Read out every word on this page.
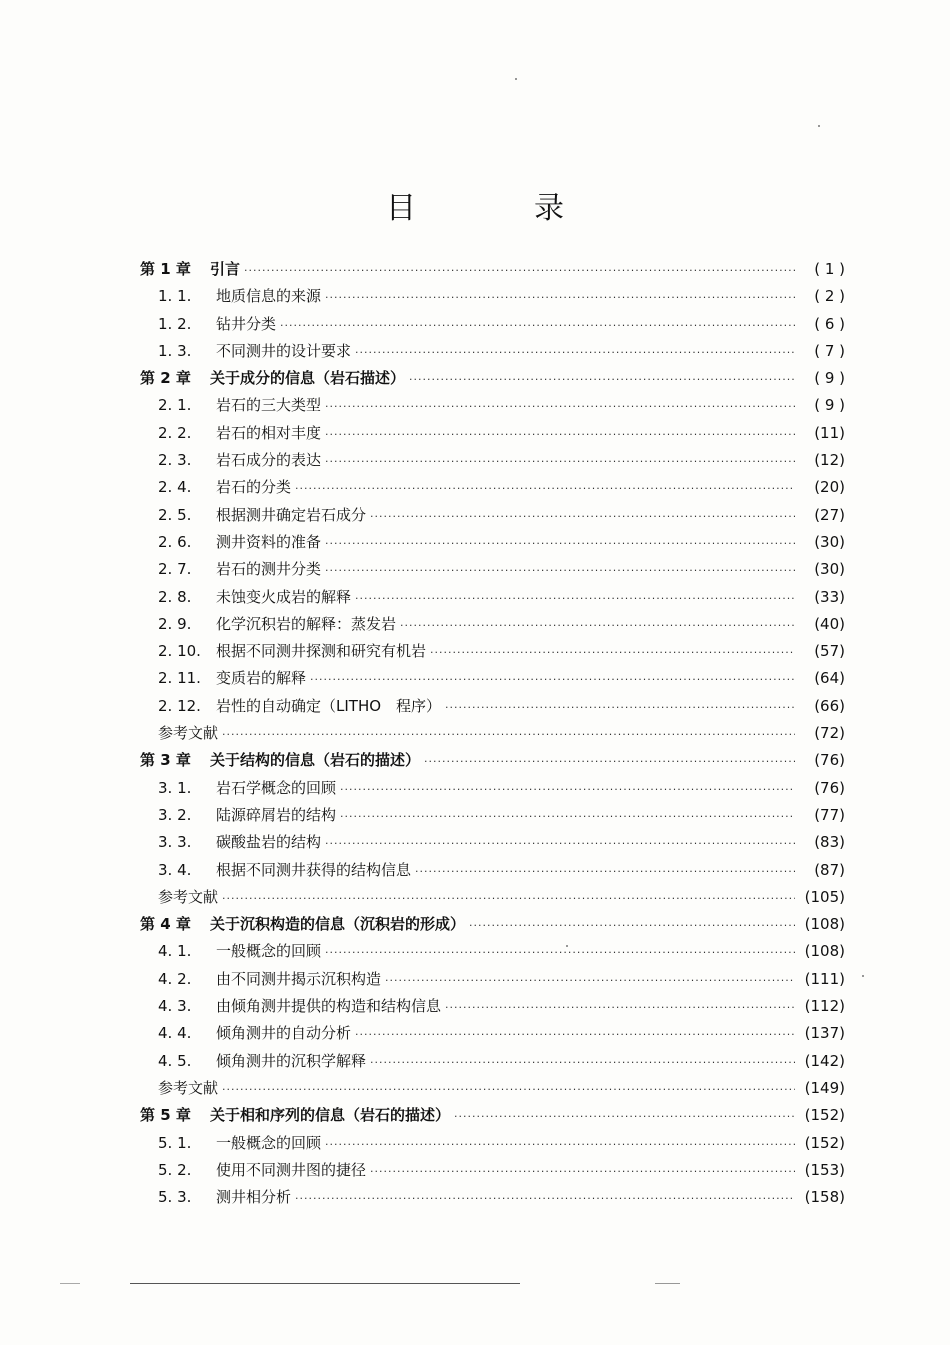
目　录
第 1 章	引言 ·····	( 1 )
1. 1.	地质信息的来源 ·····	( 2 )
1. 2.	钻井分类 ·····	( 6 )
1. 3.	不同测井的设计要求 ·····	( 7 )
第 2 章	关于成分的信息（岩石描述） ·····	( 9 )
2. 1.	岩石的三大类型 ·····	( 9 )
2. 2.	岩石的相对丰度 ·····	(11)
2. 3.	岩石成分的表达 ·····	(12)
2. 4.	岩石的分类 ·····	(20)
2. 5.	根据测井确定岩石成分 ·····	(27)
2. 6.	测井资料的准备 ·····	(30)
2. 7.	岩石的测井分类 ·····	(30)
2. 8.	未蚀变火成岩的解释 ·····	(33)
2. 9.	化学沉积岩的解释：蒸发岩 ·····	(40)
2. 10.	根据不同测井探测和研究有机岩 ·····	(57)
2. 11.	变质岩的解释 ·····	(64)
2. 12.	岩性的自动确定（LITHO　程序） ·····	(66)
参考文献 ·····	(72)
第 3 章	关于结构的信息（岩石的描述） ·····	(76)
3. 1.	岩石学概念的回顾 ·····	(76)
3. 2.	陆源碎屑岩的结构 ·····	(77)
3. 3.	碳酸盐岩的结构 ·····	(83)
3. 4.	根据不同测井获得的结构信息 ·····	(87)
参考文献 ·····	(105)
第 4 章	关于沉积构造的信息（沉积岩的形成） ·····	(108)
4. 1.	一般概念的回顾 ·····	(108)
4. 2.	由不同测井揭示沉积构造 ·····	(111)
4. 3.	由倾角测井提供的构造和结构信息 ·····	(112)
4. 4.	倾角测井的自动分析 ·····	(137)
4. 5.	倾角测井的沉积学解释 ·····	(142)
参考文献 ·····	(149)
第 5 章	关于相和序列的信息（岩石的描述） ·····	(152)
5. 1.	一般概念的回顾 ·····	(152)
5. 2.	使用不同测井图的捷径 ·····	(153)
5. 3.	测井相分析 ·····	(158)
